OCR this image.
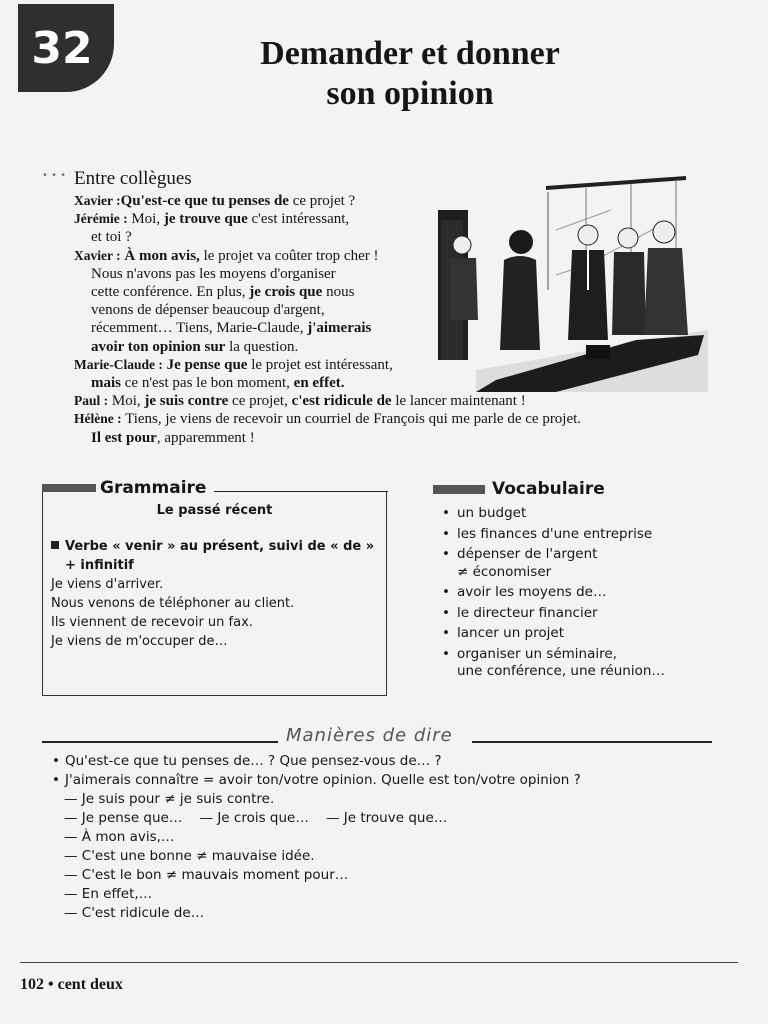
32	Demander et donner
son opinion
• • • Entre collègues
Xavier :Qu'est-ce que tu penses de ce projet ?
Jérémie : Moi, je trouve que c'est intéressant,
et toi ?
Xavier : À mon avis, le projet va coûter trop cher !
Nous n'avons pas les moyens d'organiser
cette conférence. En plus, je crois que nous
venons de dépenser beaucoup d'argent,
récemment… Tiens, Marie-Claude, j'aimerais
avoir ton opinion sur la question.
Marie-Claude : Je pense que le projet est intéressant,
mais ce n'est pas le bon moment, en effet.
Paul : Moi, je suis contre ce projet, c'est ridicule de le lancer maintenant !
Hélène : Tiens, je viens de recevoir un courriel de François qui me parle de ce projet.
Il est pour, apparemment !
Grammaire
Le passé récent
Verbe « venir » au présent, suivi de « de »
+ infinitif
Je viens d'arriver.
Nous venons de téléphoner au client.
Ils viennent de recevoir un fax.
Je viens de m'occuper de…
Vocabulaire
• un budget
• les finances d'une entreprise
• dépenser de l'argent
≠ économiser
• avoir les moyens de…
• le directeur financier
• lancer un projet
• organiser un séminaire,
une conférence, une réunion…
Manières de dire
• Qu'est-ce que tu penses de… ? Que pensez-vous de… ?
• J'aimerais connaître = avoir ton/votre opinion. Quelle est ton/votre opinion ?
— Je suis pour ≠ je suis contre.
— Je pense que…    — Je crois que…    — Je trouve que…
— À mon avis,…
— C'est une bonne ≠ mauvaise idée.
— C'est le bon ≠ mauvais moment pour…
— En effet,…
— C'est ridicule de…
102 • cent deux
